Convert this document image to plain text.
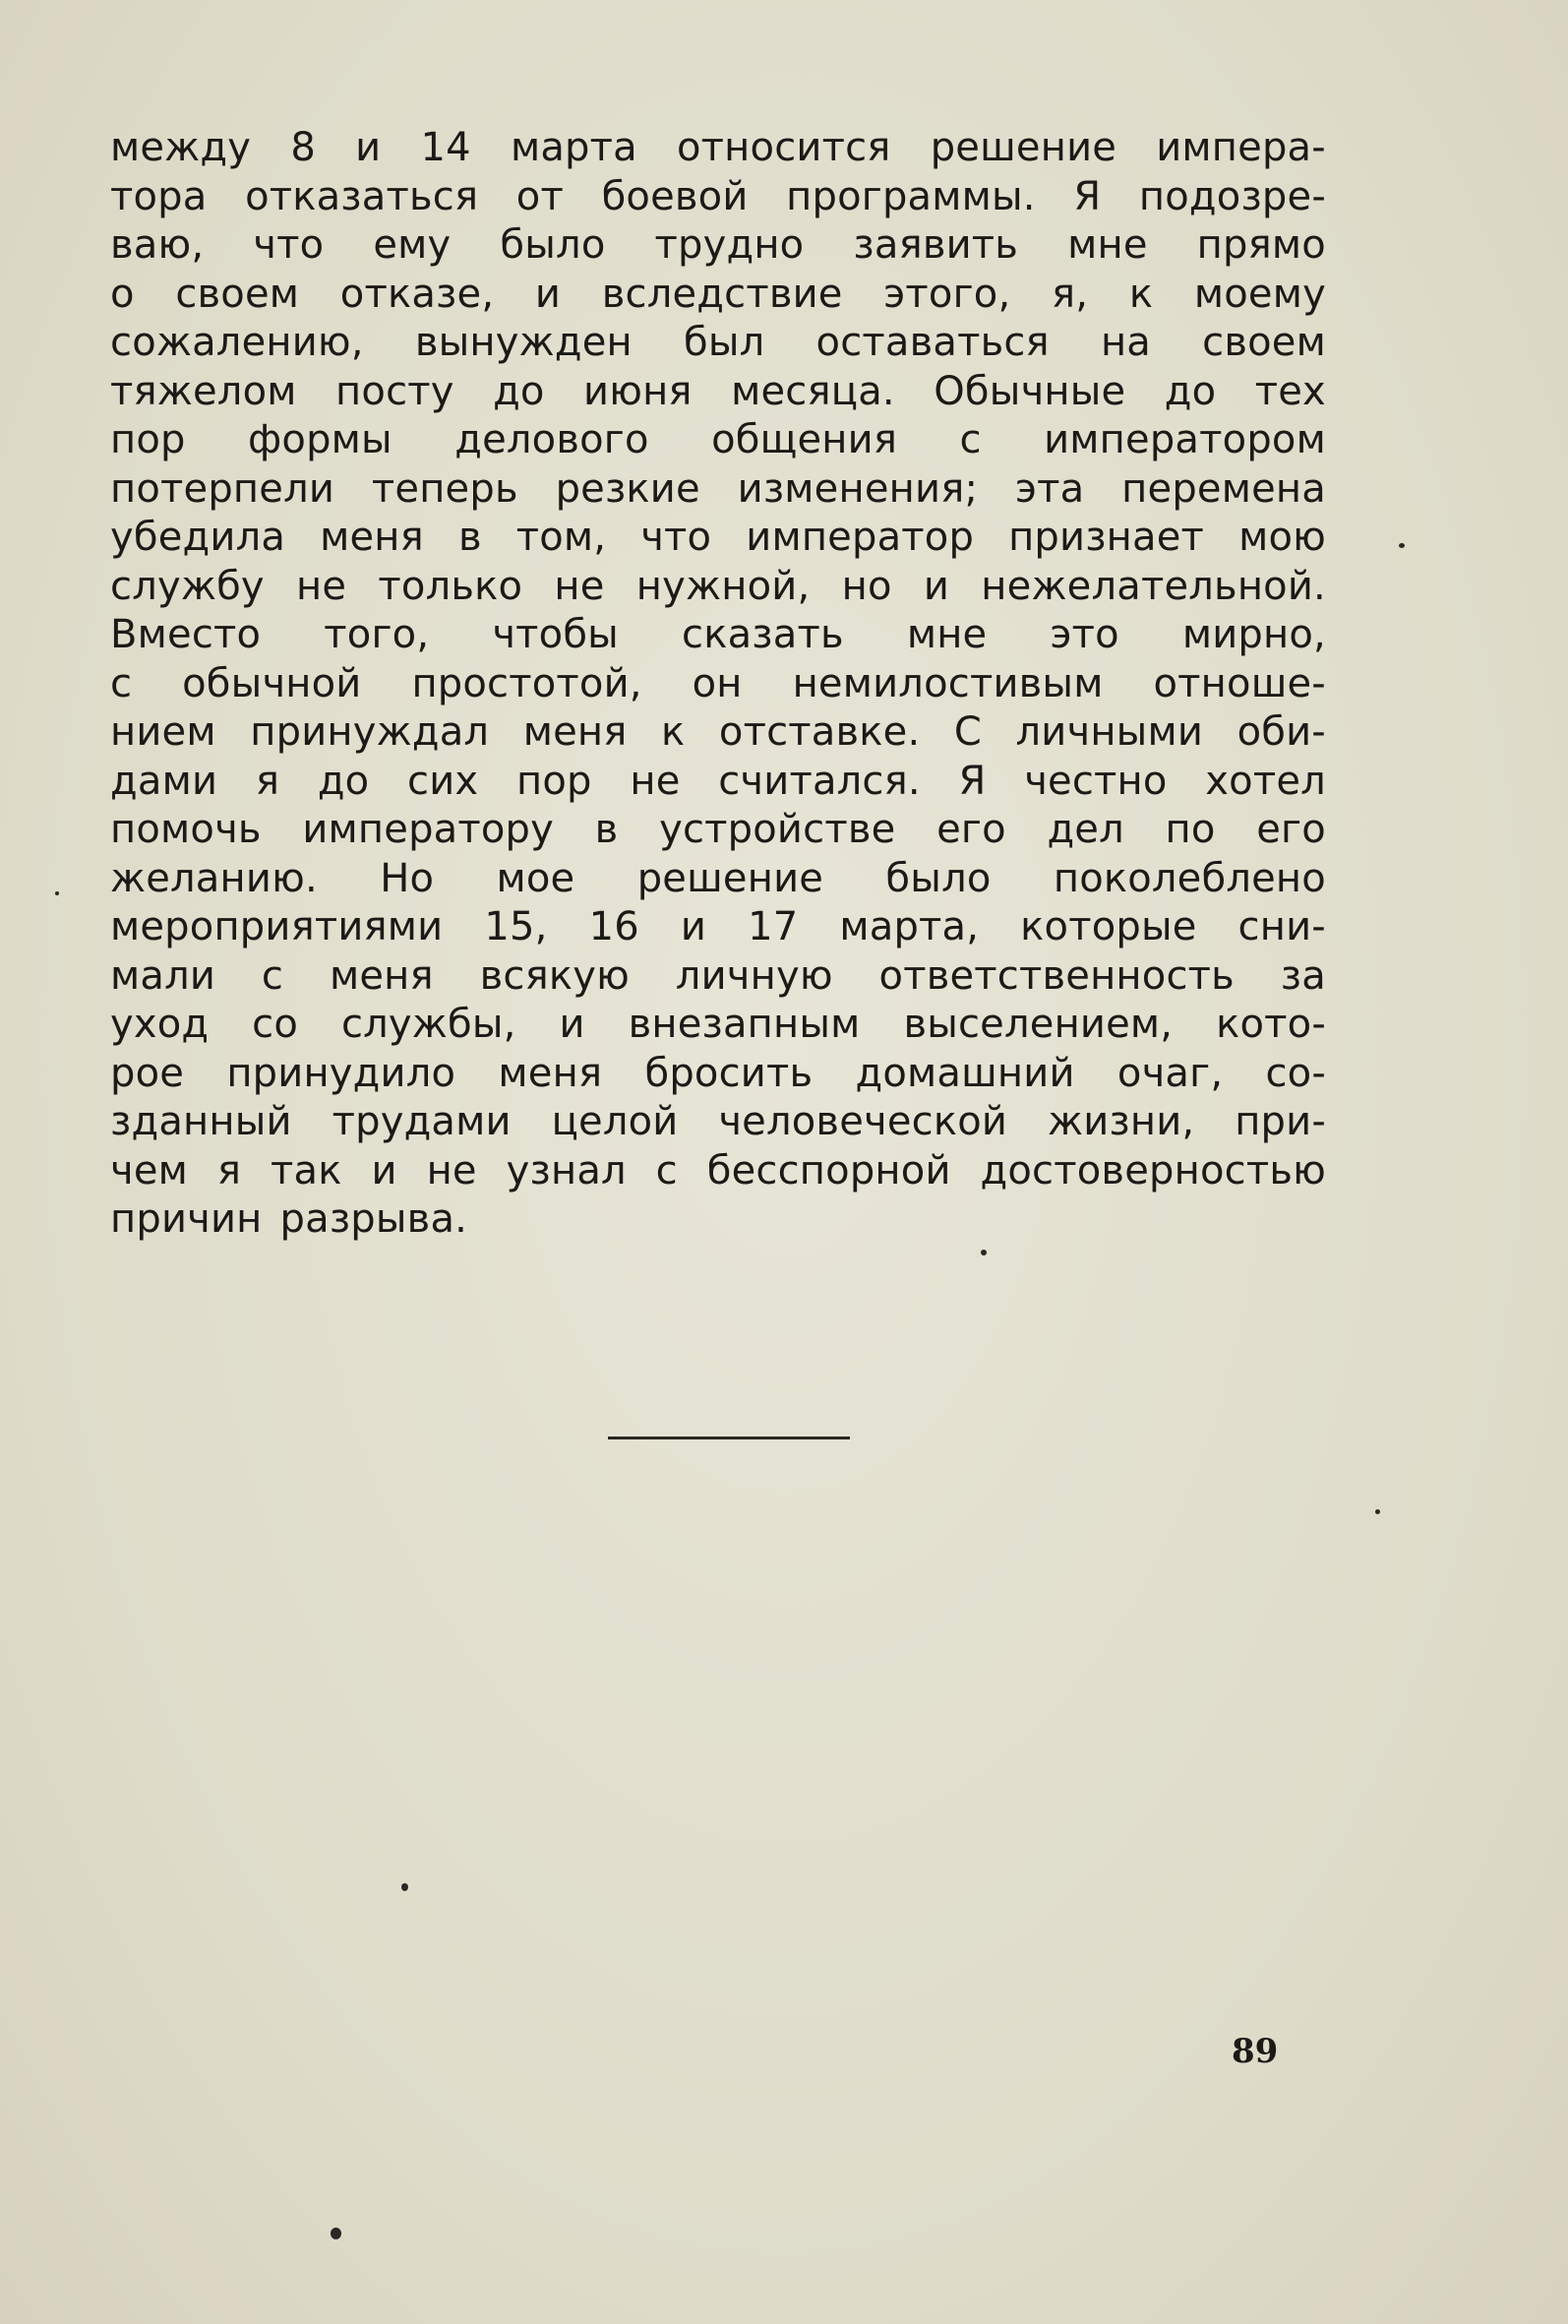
между 8 и 14 марта относится решение импера-
тора отказаться от боевой программы. Я подозре-
ваю, что ему было трудно заявить мне прямо
о своем отказе, и вследствие этого, я, к моему
сожалению, вынужден был оставаться на своем
тяжелом посту до июня месяца. Обычные до тех
пор формы делового общения с императором
потерпели теперь резкие изменения; эта перемена
убедила меня в том, что император признает мою
службу не только не нужной, но и нежелательной.
Вместо того, чтобы сказать мне это мирно,
с обычной простотой, он немилостивым отноше-
нием принуждал меня к отставке. С личными оби-
дами я до сих пор не считался. Я честно хотел
помочь императору в устройстве его дел по его
желанию. Но мое решение было поколеблено
мероприятиями 15, 16 и 17 марта, которые сни-
мали с меня всякую личную ответственность за
уход со службы, и внезапным выселением, кото-
рое принудило меня бросить домашний очаг, со-
зданный трудами целой человеческой жизни, при-
чем я так и не узнал с бесспорной достоверностью
причин разрыва.
89
